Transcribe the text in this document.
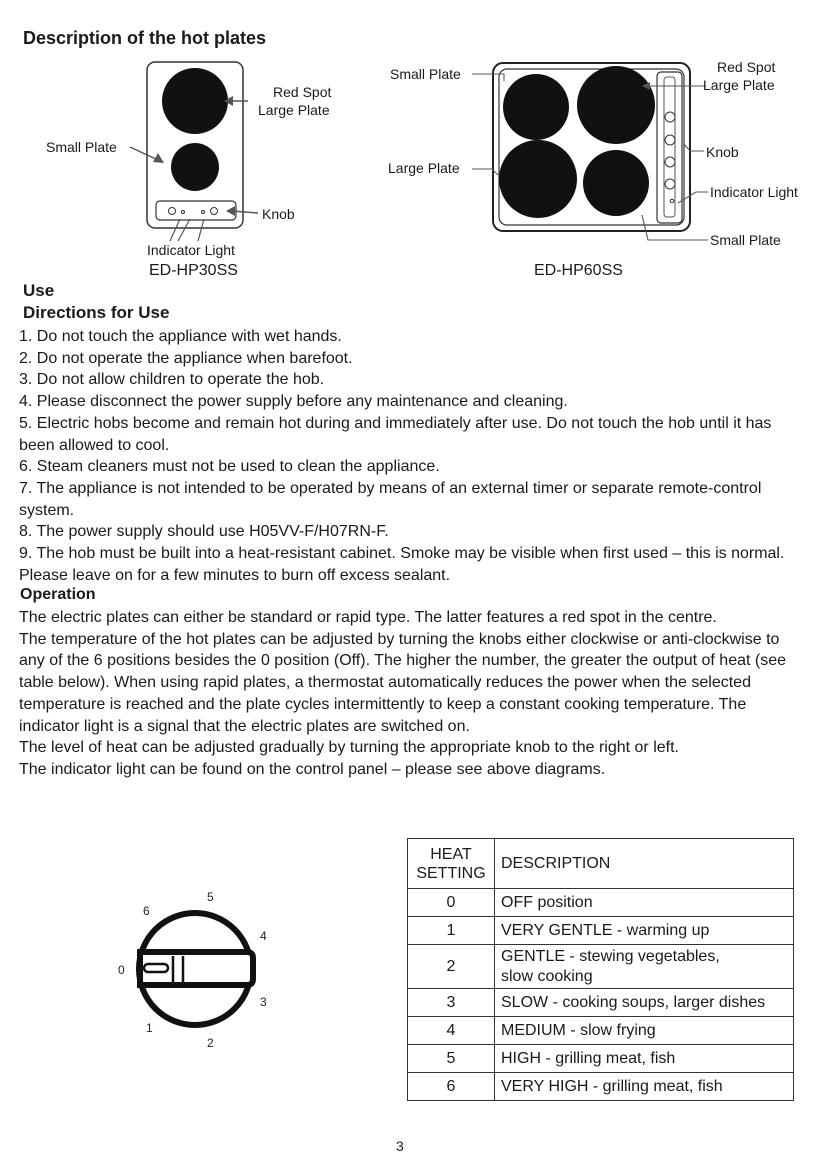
Description of the hot plates
Red Spot
Large Plate
Small Plate
Knob
Indicator Light
ED-HP30SS
Small Plate	Red Spot
Large Plate
Large Plate
Knob
Indicator Light
Small Plate
ED-HP60SS
Use
Directions for Use

1. Do not touch the appliance with wet hands.

2. Do not operate the appliance when barefoot.

3. Do not allow children to operate the hob.

4. Please disconnect the power supply before any maintenance and cleaning.

5. Electric hobs become and remain hot during and immediately after use. Do not touch the hob until it has been allowed to cool.

6. Steam cleaners must not be used to clean the appliance.

7. The appliance is not intended to be operated by means of an external timer or separate remote-control system.

8. The power supply should use H05VV-F/H07RN-F.

9. The hob must be built into a heat-resistant cabinet. Smoke may be visible when first used – this is normal. Please leave on for a few minutes to burn off excess sealant.

Operation

The electric plates can either be standard or rapid type. The latter features a red spot in the centre.

The temperature of the hot plates can be adjusted by turning the knobs either clockwise or anti-clockwise to any of the 6 positions besides the 0 position (Off). The higher the number, the greater the output of heat (see table below). When using rapid plates, a thermostat automatically reduces the power when the selected temperature is reached and the plate cycles intermittently to keep a constant cooking temperature. The indicator light is a signal that the electric plates are switched on.

The level of heat can be adjusted gradually by turning the appropriate knob to the right or left.

The indicator light can be found on the control panel – please see above diagrams.

0
1
2
3
4
5
6
HEAT
SETTING	DESCRIPTION
0	OFF position
1	VERY GENTLE - warming up
2	GENTLE - stewing vegetables,
slow cooking

3	SLOW - cooking soups, larger dishes
4	MEDIUM - slow frying
5	HIGH - grilling meat, fish
6	VERY HIGH - grilling meat, fish
3
